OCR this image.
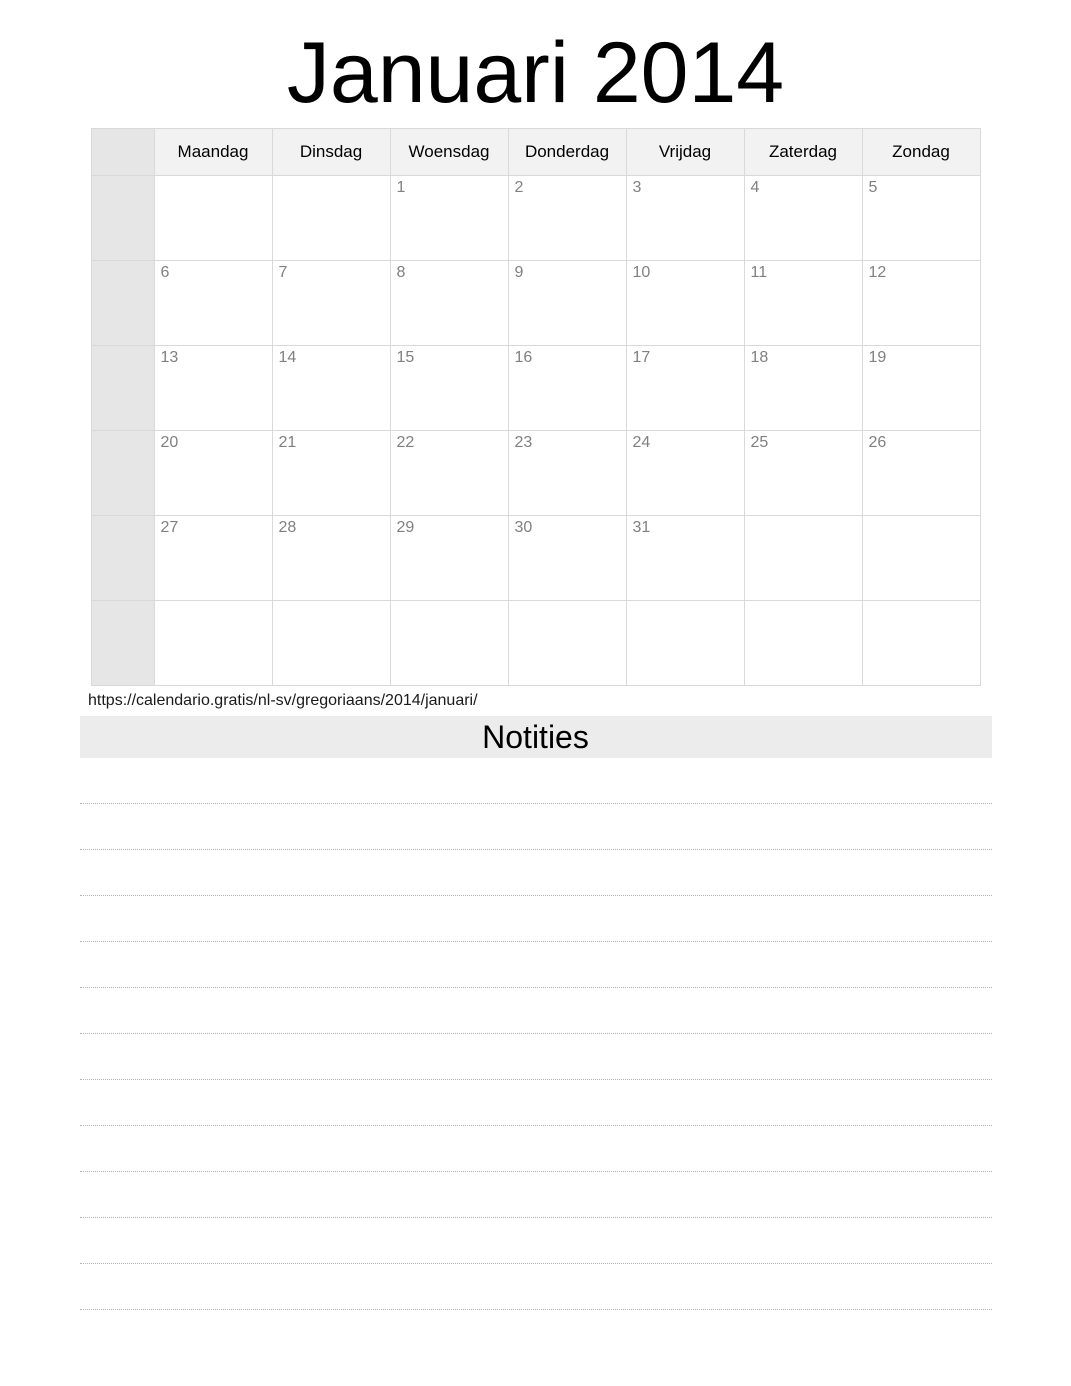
Januari 2014
	Maandag	Dinsdag	Woensdag	Donderdag	Vrijdag	Zaterdag	Zondag

			1	2	3	4	5

	6	7	8	9	10	11	12

	13	14	15	16	17	18	19

	20	21	22	23	24	25	26

	27	28	29	30	31		

https://calendario.gratis/nl-sv/gregoriaans/2014/januari/
Notities
